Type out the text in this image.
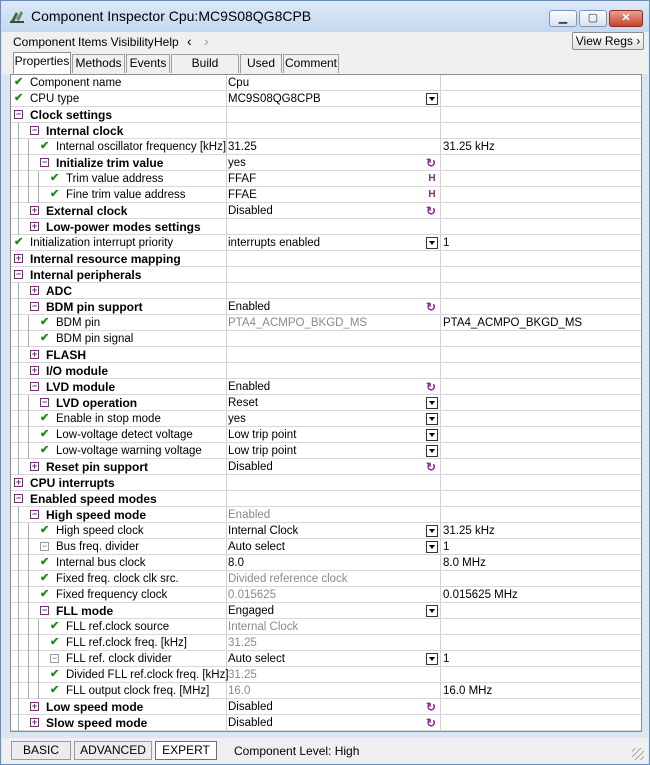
Component Inspector Cpu:MC9S08QG8CPB	▁	▢	✕
Component Items Visibility Help ‹ ›	View Regs ›
Properties Methods Events	Build	Used Comment
✔ Component name	Cpu
✔ CPU type	MC9S08QG8CPB
− Clock settings
− Internal clock
✔ Internal oscillator frequency [kHz] 31.25	31.25 kHz
− Initialize trim value	yes	↻
✔ Trim value address	FFAF	H
✔ Fine trim value address	FFAE	H
+ External clock	Disabled	↻
+ Low-power modes settings
✔ Initialization interrupt priority	interrupts enabled	1
+ Internal resource mapping
− Internal peripherals
+ ADC
− BDM pin support	Enabled	↻
✔ BDM pin	PTA4_ACMPO_BKGD_MS	PTA4_ACMPO_BKGD_MS
✔ BDM pin signal
+ FLASH
+ I/O module
− LVD module	Enabled	↻
− LVD operation	Reset
✔ Enable in stop mode	yes
✔ Low-voltage detect voltage	Low trip point
✔ Low-voltage warning voltage Low trip point
+ Reset pin support	Disabled	↻
+ CPU interrupts
− Enabled speed modes
− High speed mode	Enabled
✔ High speed clock	Internal Clock	31.25 kHz
− Bus freq. divider	Auto select	1
✔ Internal bus clock	8.0	8.0 MHz
✔ Fixed freq. clock clk src.	Divided reference clock
✔ Fixed frequency clock	0.015625	0.015625 MHz
− FLL mode	Engaged
✔ FLL ref.clock source	Internal Clock
✔ FLL ref.clock freq. [kHz]	31.25
− FLL ref. clock divider	Auto select	1
✔ Divided FLL ref.clock freq. [kHz] 31.25
✔ FLL output clock freq. [MHz] 16.0	16.0 MHz
+ Low speed mode	Disabled	↻
+ Slow speed mode	Disabled	↻
BASIC	ADVANCED	EXPERT	Component Level: High
